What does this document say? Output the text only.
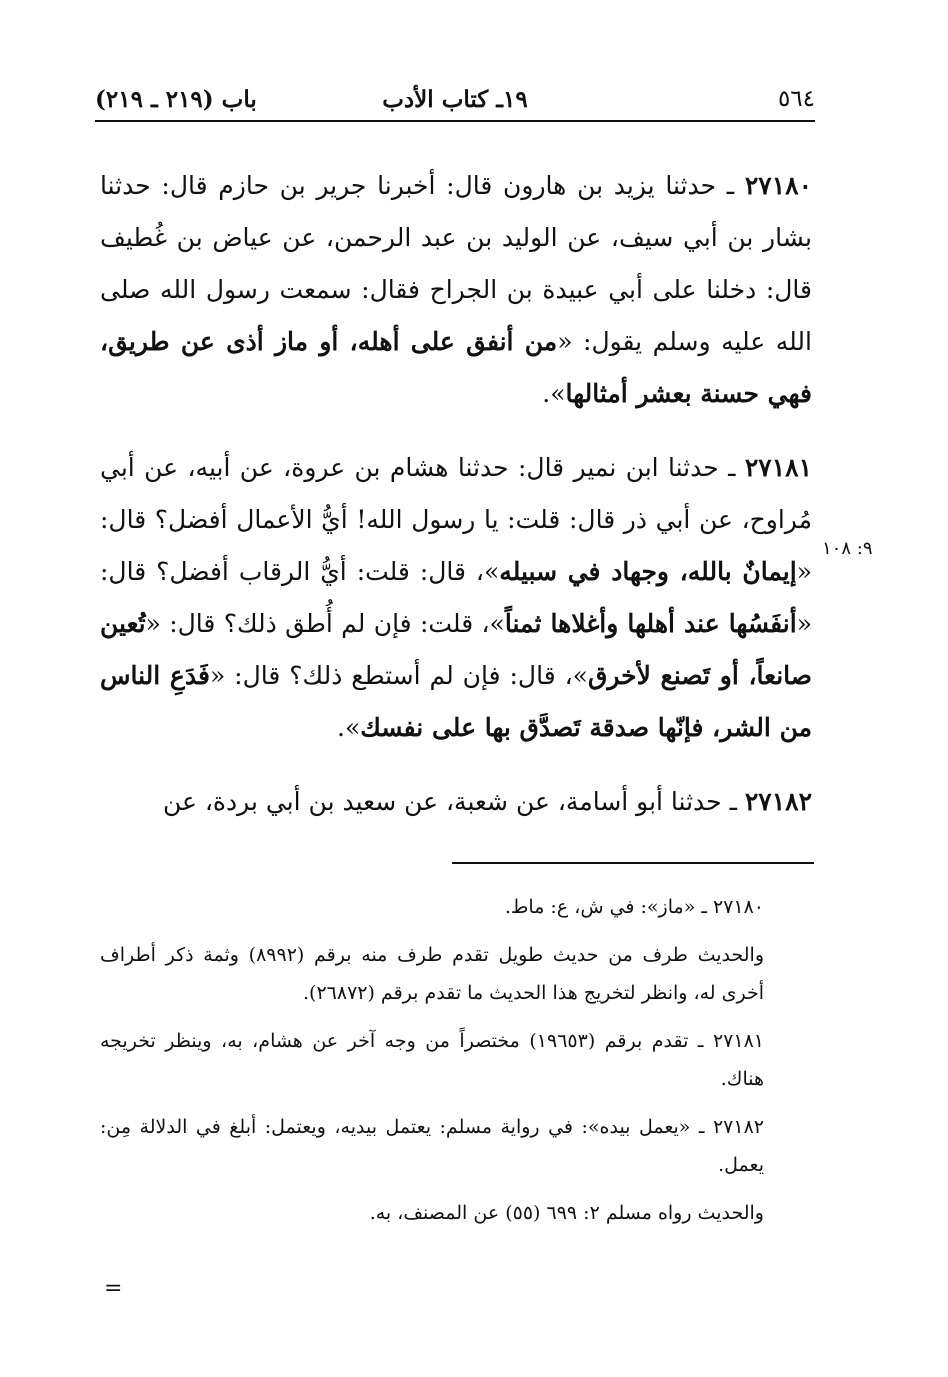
٥٦٤
١٩ـ كتاب الأدب
باب (٢١٩ ـ ٢١٩)

٢٧١٨٠ ـ حدثنا يزيد بن هارون قال: أخبرنا جرير بن حازم قال: حدثنا بشار بن أبي سيف، عن الوليد بن عبد الرحمن، عن عياض بن غُطيف قال: دخلنا على أبي عبيدة بن الجراح فقال: سمعت رسول الله صلى الله عليه وسلم يقول: «من أنفق على أهله، أو ماز أذى عن طريق، فهي حسنة بعشر أمثالها».

٢٧١٨١ ـ حدثنا ابن نمير قال: حدثنا هشام بن عروة، عن أبيه، عن أبي مُراوح، عن أبي ذر قال: قلت: يا رسول الله! أيُّ الأعمال أفضل؟ قال: «إيمانٌ بالله، وجهاد في سبيله»، قال: قلت: أيُّ الرقاب أفضل؟ قال: «أنفَسُها عند أهلها وأغلاها ثمناً»، قلت: فإن لم أُطق ذلك؟ قال: «تُعين صانعاً، أو تَصنع لأخرق»، قال: فإن لم أستطع ذلك؟ قال: «فَدَعِ الناس من الشر، فإنّها صدقة تَصدَّق بها على نفسك».

٢٧١٨٢ ـ حدثنا أبو أسامة، عن شعبة، عن سعيد بن أبي بردة، عن

٩: ١٠٨

٢٧١٨٠ ـ «ماز»: في ش، ع: ماط.

والحديث طرف من حديث طويل تقدم طرف منه برقم (٨٩٩٢) وثمة ذكر أطراف أخرى له، وانظر لتخريج هذا الحديث ما تقدم برقم (٢٦٨٧٢).

٢٧١٨١ ـ تقدم برقم (١٩٦٥٣) مختصراً من وجه آخر عن هشام، به، وينظر تخريجه هناك.

٢٧١٨٢ ـ «يعمل بيده»: في رواية مسلم: يعتمل بيديه، ويعتمل: أبلغ في الدلالة مِن: يعمل.

والحديث رواه مسلم ٢: ٦٩٩ (٥٥) عن المصنف، به.

=
